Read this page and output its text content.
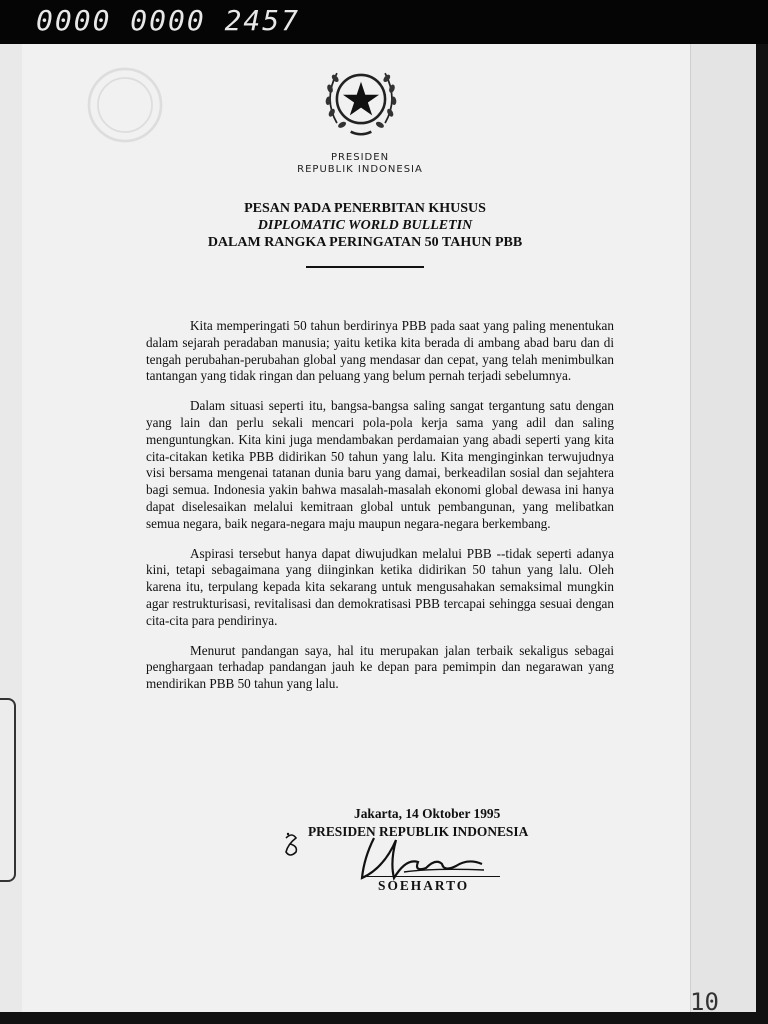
0000 0000 2457
PRESIDEN
REPUBLIK INDONESIA
PESAN PADA PENERBITAN KHUSUS
DIPLOMATIC WORLD BULLETIN
DALAM RANGKA PERINGATAN 50 TAHUN PBB

Kita memperingati 50 tahun berdirinya PBB pada saat yang paling menentukan dalam sejarah peradaban manusia; yaitu ketika kita berada di ambang abad baru dan di tengah perubahan-perubahan global yang mendasar dan cepat, yang telah menimbulkan tantangan yang tidak ringan dan peluang yang belum pernah terjadi sebelumnya.

Dalam situasi seperti itu, bangsa-bangsa saling sangat tergantung satu dengan yang lain dan perlu sekali mencari pola-pola kerja sama yang adil dan saling menguntungkan. Kita kini juga mendambakan perdamaian yang abadi seperti yang kita cita-citakan ketika PBB didirikan 50 tahun yang lalu. Kita menginginkan terwujudnya visi bersama mengenai tatanan dunia baru yang damai, berkeadilan sosial dan sejahtera bagi semua. Indonesia yakin bahwa masalah-masalah ekonomi global dewasa ini hanya dapat diselesaikan melalui kemitraan global untuk pembangunan, yang melibatkan semua negara, baik negara-negara maju maupun negara-negara berkembang.

Aspirasi tersebut hanya dapat diwujudkan melalui PBB --tidak seperti adanya kini, tetapi sebagaimana yang diinginkan ketika didirikan 50 tahun yang lalu. Oleh karena itu, terpulang kepada kita sekarang untuk mengusahakan semaksimal mungkin agar restrukturisasi, revitalisasi dan demokratisasi PBB tercapai sehingga sesuai dengan cita-cita para pendirinya.

Menurut pandangan saya, hal itu merupakan jalan terbaik sekaligus sebagai penghargaan terhadap pandangan jauh ke depan para pemimpin dan negarawan yang mendirikan PBB 50 tahun yang lalu.

Jakarta, 14 Oktober 1995
PRESIDEN REPUBLIK INDONESIA
SOEHARTO
10
